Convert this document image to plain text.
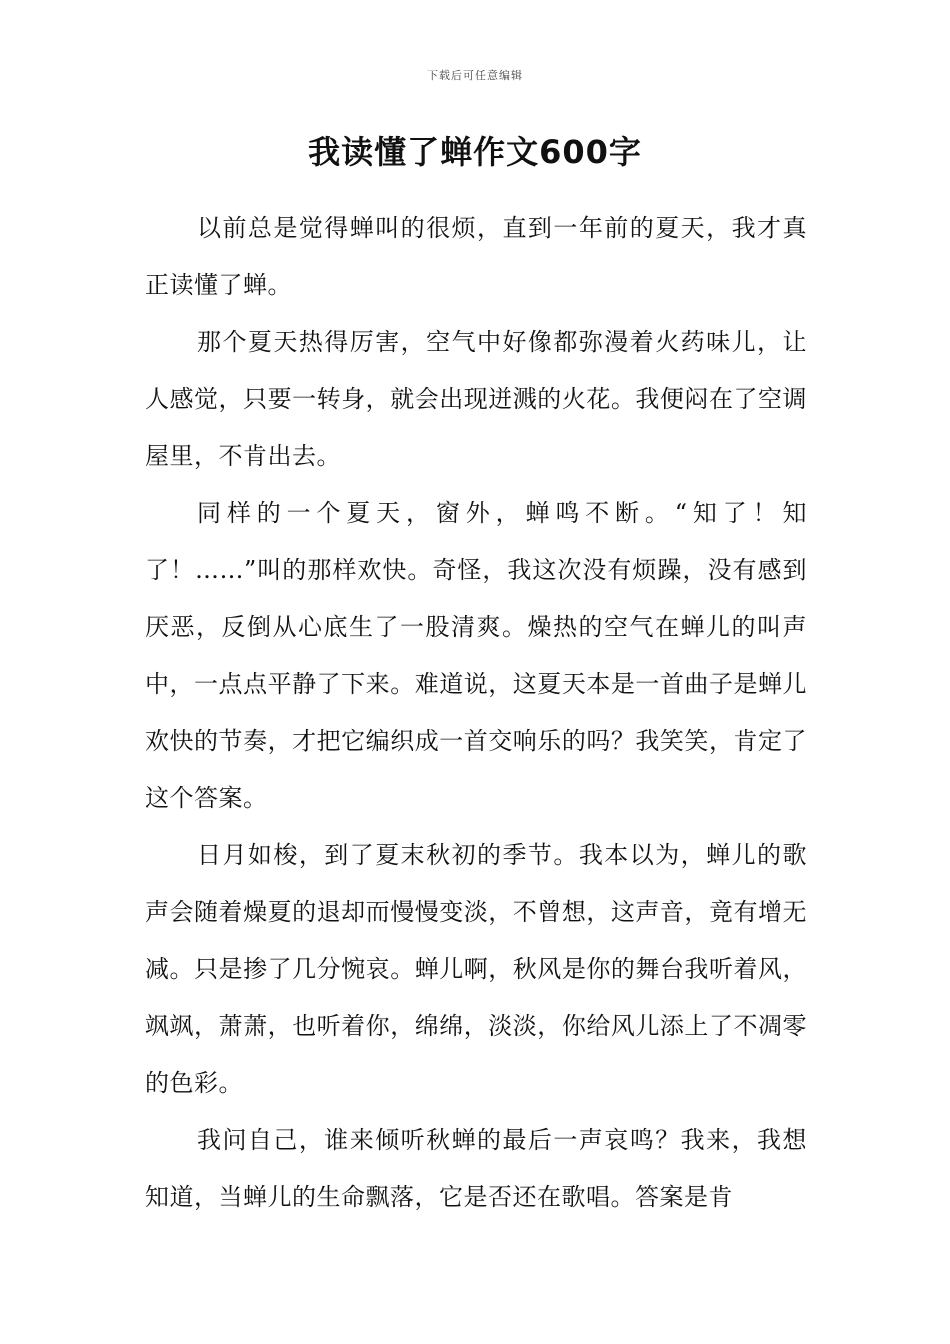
下载后可任意编辑
我读懂了蝉作文600字

以前总是觉得蝉叫的很烦，直到一年前的夏天，我才真正读懂了蝉。

那个夏天热得厉害，空气中好像都弥漫着火药味儿，让人感觉，只要一转身，就会出现迸溅的火花。我便闷在了空调屋里，不肯出去。

同样的一个夏天，窗外，蝉鸣不断。“知了！知了！……”叫的那样欢快。奇怪，我这次没有烦躁，没有感到厌恶，反倒从心底生了一股清爽。燥热的空气在蝉儿的叫声中，一点点平静了下来。难道说，这夏天本是一首曲子是蝉儿欢快的节奏，才把它编织成一首交响乐的吗？我笑笑，肯定了这个答案。

日月如梭，到了夏末秋初的季节。我本以为，蝉儿的歌声会随着燥夏的退却而慢慢变淡，不曾想，这声音，竟有增无减。只是掺了几分惋哀。蝉儿啊，秋风是你的舞台我听着风，飒飒，萧萧，也听着你，绵绵，淡淡，你给风儿添上了不凋零的色彩。

我问自己，谁来倾听秋蝉的最后一声哀鸣？我来，我想知道，当蝉儿的生命飘落，它是否还在歌唱。答案是肯
